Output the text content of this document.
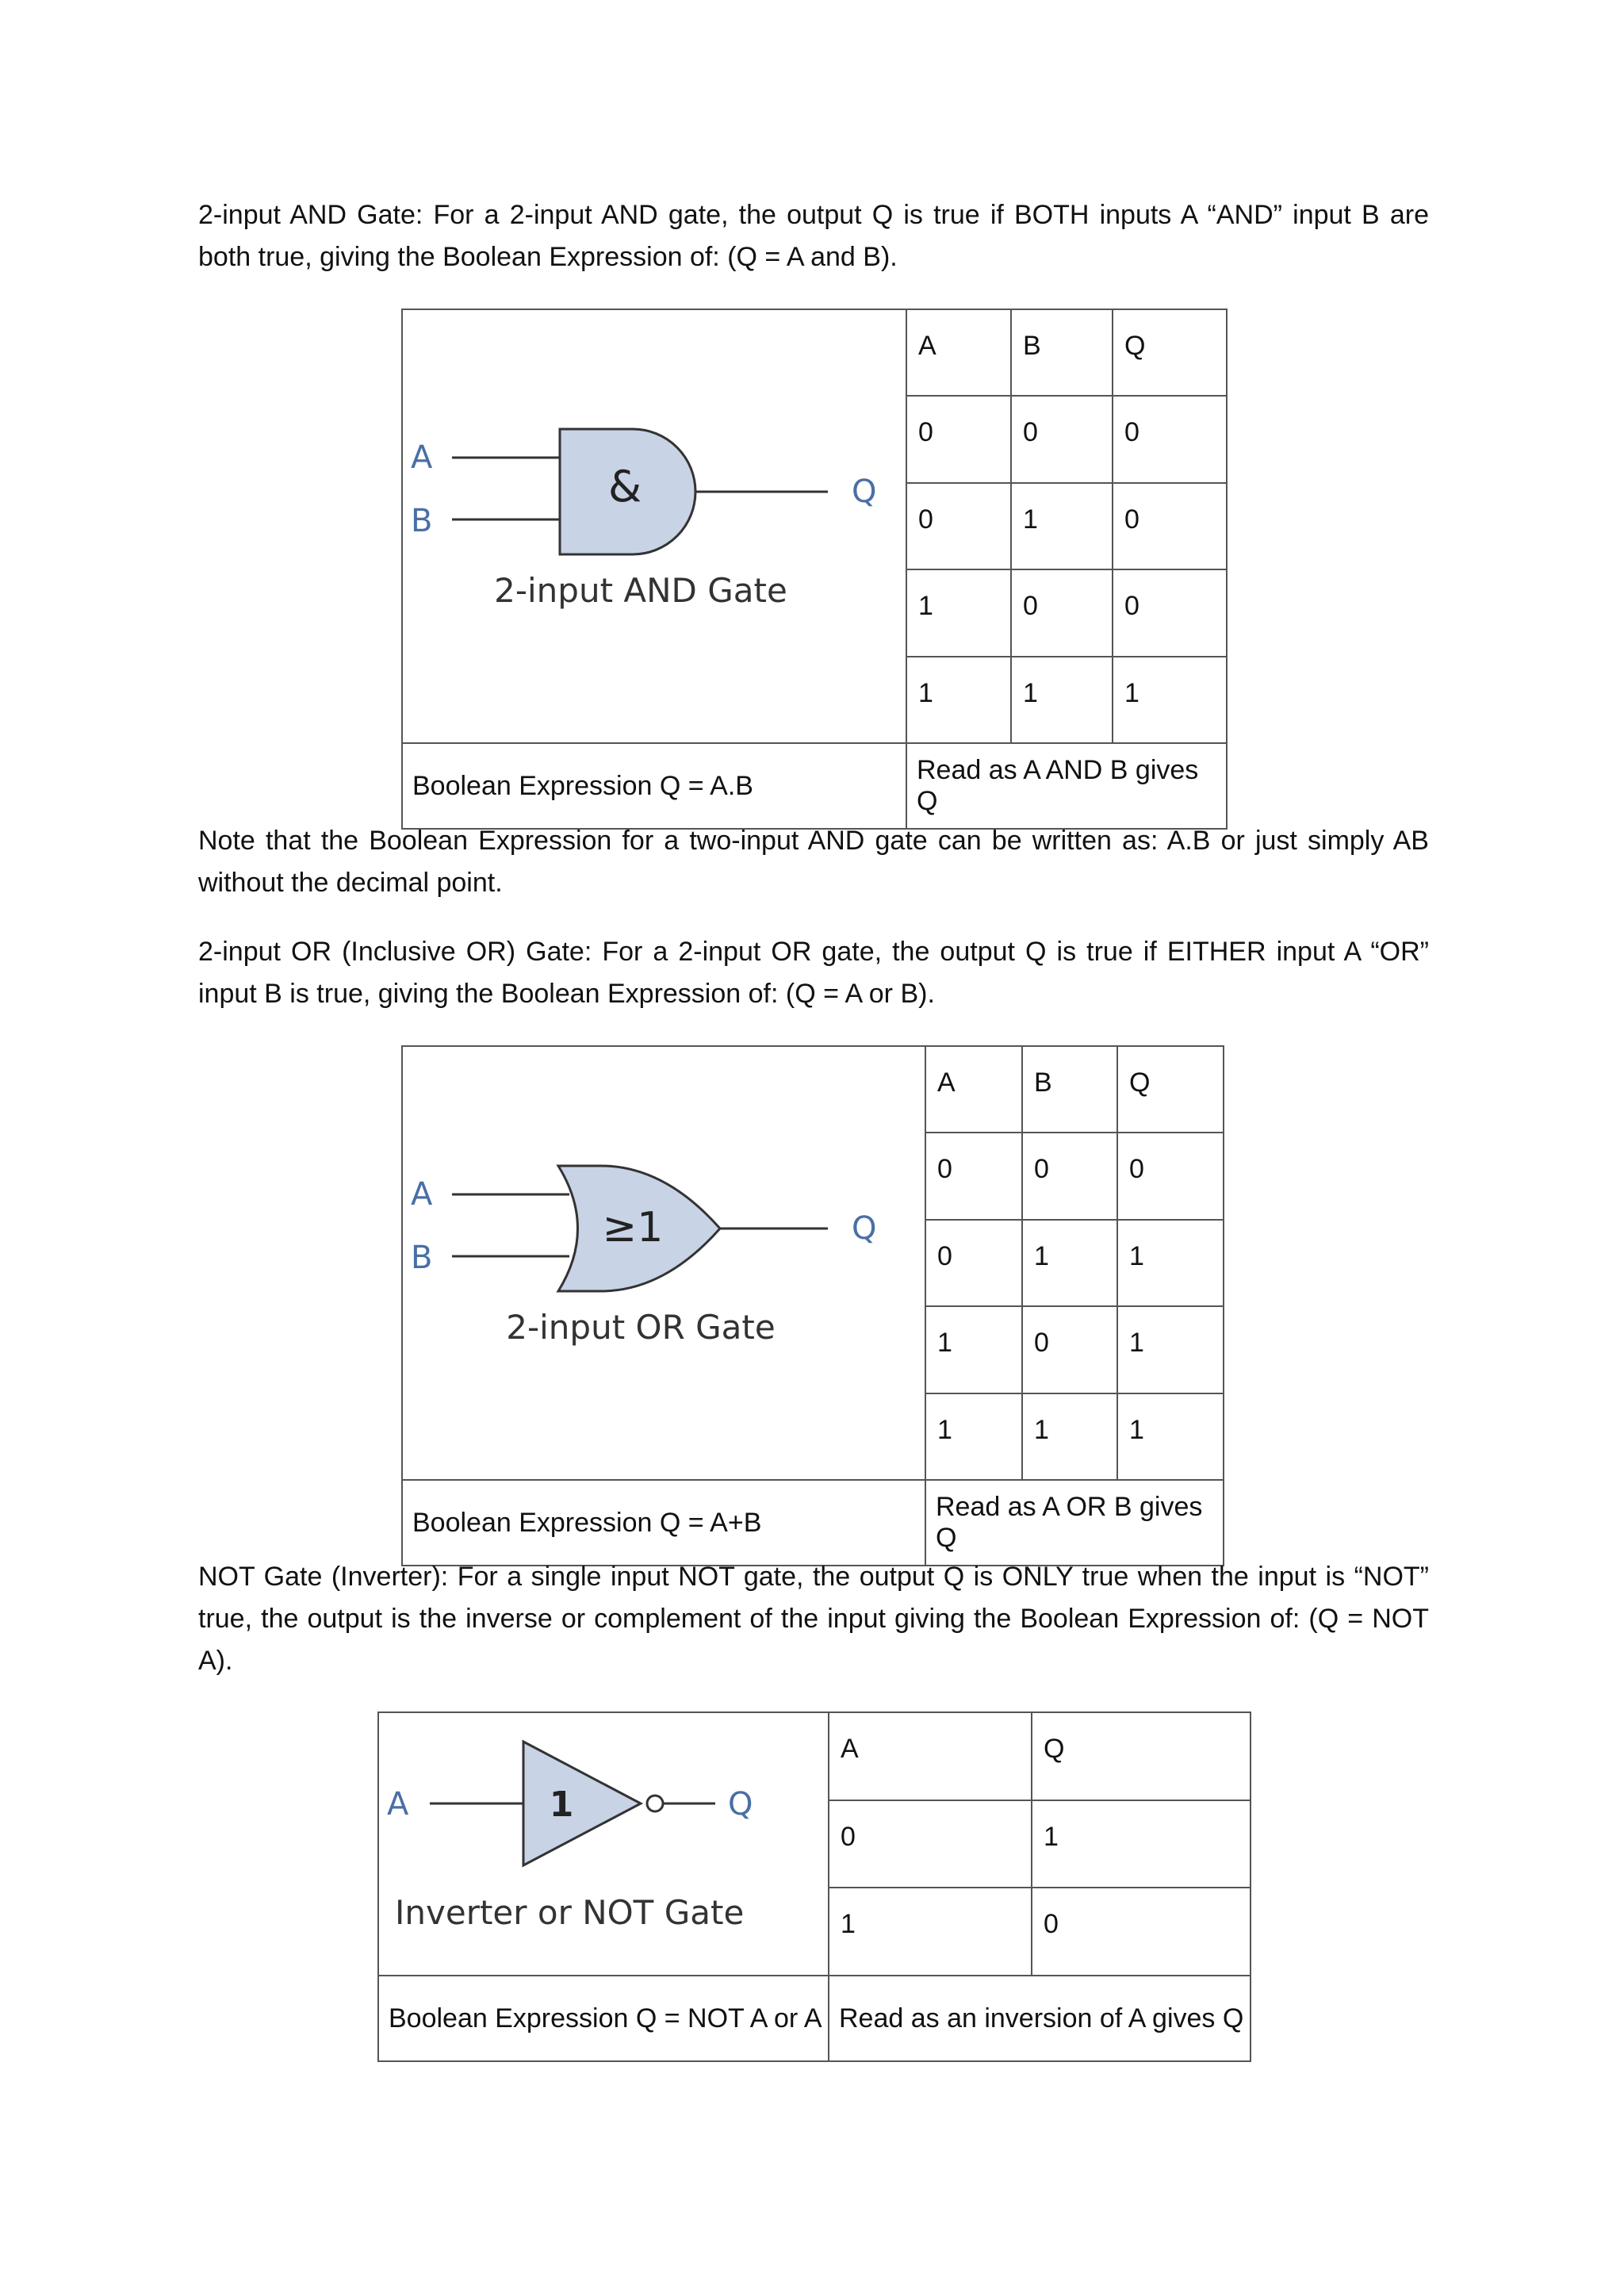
2-input AND Gate: For a 2-input AND gate, the output Q is true if BOTH inputs A “AND” input B are both true, giving the Boolean Expression of: (Q = A and B).

A
B
Q
&
2-input AND Gate	A	B	Q
	0	0	0
	0	1	0
	1	0	0
	1	1	1
Boolean Expression Q = A.B	Read as A AND B gives Q		

Note that the Boolean Expression for a two-input AND gate can be written as: A.B or just simply AB without the decimal point.

2-input OR (Inclusive OR) Gate: For a 2-input OR gate, the output Q is true if EITHER input A “OR” input B is true, giving the Boolean Expression of: (Q = A or B).

A
B
Q
≥1
2-input OR Gate	A	B	Q
	0	0	0
	0	1	1
	1	0	1
	1	1	1
Boolean Expression Q = A+B	Read as A OR B gives Q		

NOT Gate (Inverter): For a single input NOT gate, the output Q is ONLY true when the input is “NOT” true, the output is the inverse or complement of the input giving the Boolean Expression of: (Q = NOT A).

A Q
1
Inverter or NOT Gate	A	Q
	0	1
	1	0
Boolean Expression Q = NOT A or A	Read as an inversion of A gives Q	
